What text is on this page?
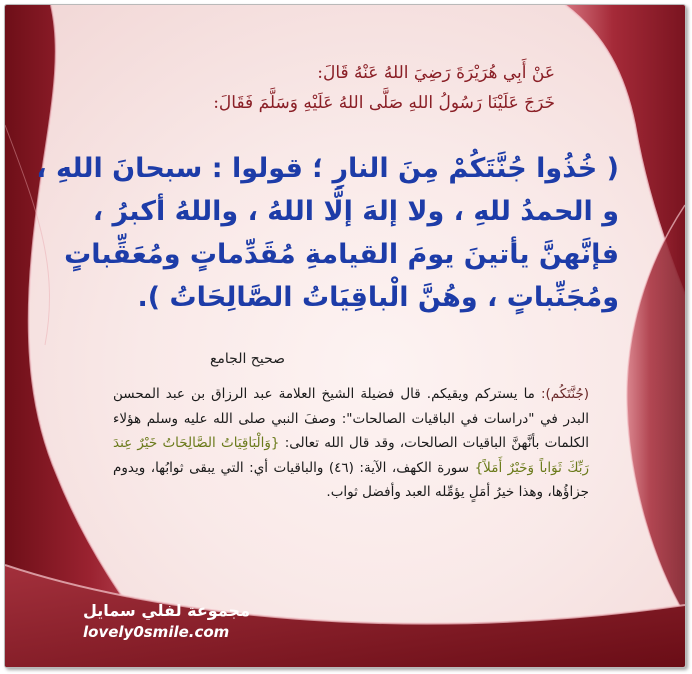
عَنْ أَبِي هُرَيْرَةَ رَضِيَ اللهُ عَنْهُ قَالَ:
خَرَجَ عَلَيْنَا رَسُولُ اللهِ صَلَّى اللهُ عَلَيْهِ وَسَلَّمَ فَقَالَ:
( خُذُوا جُنَّتَكُمْ مِنَ النارِ ؛ قولوا : سبحانَ اللهِ ،
و الحمدُ للهِ ، ولا إلهَ إلَّا اللهُ ، واللهُ أكبرُ ،
فإنَّهنَّ يأتينَ يومَ القيامةِ مُقَدِّماتٍ ومُعَقِّباتٍ
ومُجَنِّباتٍ ، وهُنَّ الْباقِيَاتُ الصَّالِحَاتُ ).
صحيح الجامع
(جُنَّتَكُم): ما يستركم ويقيكم. قال فضيلة الشيخ العلامة عبد الرزاق بن عبد المحسن البدر في "دراسات في الباقيات الصالحات": وصفَ النبي صلى الله عليه وسلم هؤلاء الكلمات بأنَّهنَّ الباقيات الصالحات، وقد قال الله تعالى: {وَالْبَاقِيَاتُ الصَّالِحَاتُ خَيْرٌ عِندَ رَبِّكَ ثَوَاباً وَخَيْرٌ أَمَلاً} سورة الكهف، الآية: (٤٦) والباقيات أي: التي يبقى ثوابُها، ويدوم جزاؤُها، وهذا خيرُ أمَلٍ يؤمِّله العبد وأفضل ثواب.
مجموعة لفلي سمايل
lovely0smile.com
